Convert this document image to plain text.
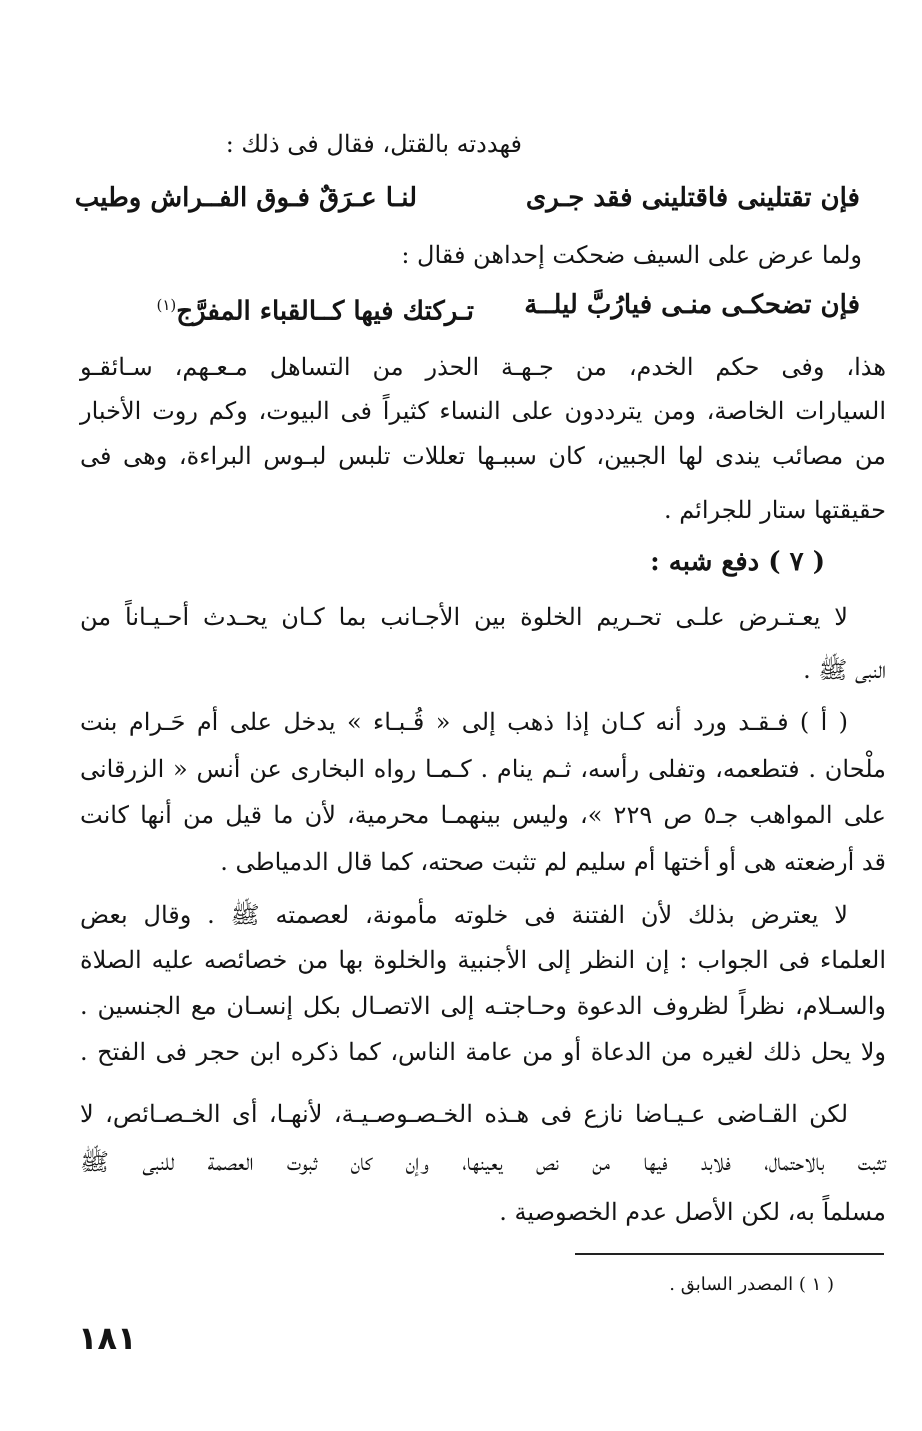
فهددته بالقتل، فقال فى ذلك :
فإن تقتلينى فاقتلينى فقد جـرى
لنـا عـرَقٌ فـوق الفــراش وطيب
ولما عرض على السيف ضحكت إحداهن فقال :
فإن تضحكـى منـى فيارُبَّ ليلــة
تـركتك فيها كــالقباء المفرَّج$^{(١)}$
هذا، وفى حكم الخدم، من جـهـة الحذر من التساهل مـعـهم، سـائقـو
السيارات الخاصة، ومن يترددون على النساء كثيراً فى البيوت، وكم روت الأخبار
من مصائب يندى لها الجبين، كان سببـها تعللات تلبس لبـوس البراءة، وهى فى
حقيقتها ستار للجرائم .
( ٧ ) دفع شبه :
لا يعـتـرض علـى تحـريم الخلوة بين الأجـانب بما كـان يحـدث أحـيـاناً من
النبى ﷺ .
( أ ) فـقـد ورد أنه كـان إذا ذهب إلى « قُـبـاء » يدخل على أم حَـرام بنت
ملْحان . فتطعمه، وتفلى رأسه، ثـم ينام . كـمـا رواه البخارى عن أنس « الزرقانى
على المواهب جـ٥ ص ٢٢٩ »، وليس بينهمـا محرمية، لأن ما قيل من أنها كانت
قد أرضعته هى أو أختها أم سليم لم تثبت صحته، كما قال الدمياطى .
لا يعترض بذلك لأن الفتنة فى خلوته مأمونة، لعصمته ﷺ . وقال بعض
العلماء فى الجواب : إن النظر إلى الأجنبية والخلوة بها من خصائصه عليه الصلاة
والسـلام، نظراً لظروف الدعوة وحـاجتـه إلى الاتصـال بكل إنسـان مع الجنسين .
ولا يحل ذلك لغيره من الدعاة أو من عامة الناس، كما ذكره ابن حجر فى الفتح .
لكن القـاضى عـيـاضا نازع فى هـذه الخـصـوصـيـة، لأنهـا، أى الخـصـائص، لا
تثبت بالاحتمال، فلابد فيها من نص يعينها، وإن كان ثبوت العصمة للنبى ﷺ
مسلماً به، لكن الأصل عدم الخصوصية .
( ١ ) المصدر السابق .
١٨١
